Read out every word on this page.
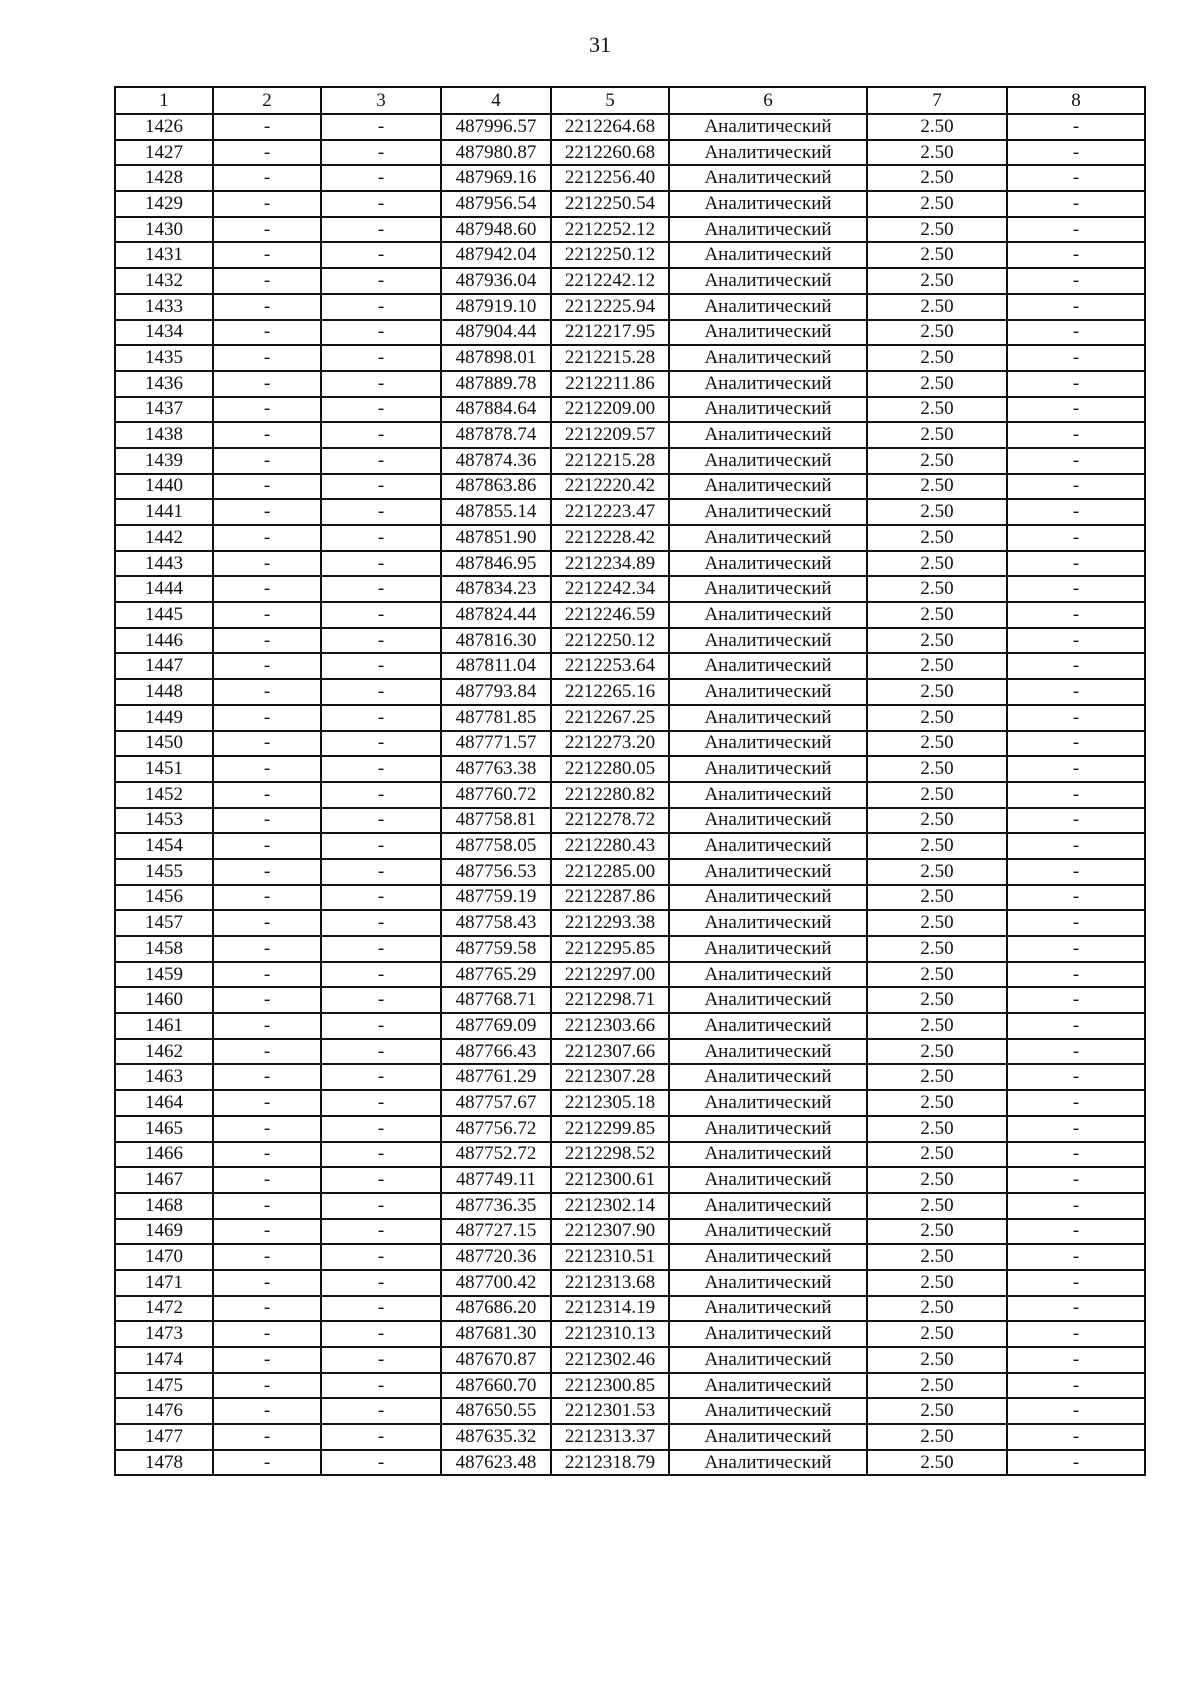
31
1	2	3	4	5	6	7	8
1426	-	-	487996.57	2212264.68	Аналитический	2.50	-
1427	-	-	487980.87	2212260.68	Аналитический	2.50	-
1428	-	-	487969.16	2212256.40	Аналитический	2.50	-
1429	-	-	487956.54	2212250.54	Аналитический	2.50	-
1430	-	-	487948.60	2212252.12	Аналитический	2.50	-
1431	-	-	487942.04	2212250.12	Аналитический	2.50	-
1432	-	-	487936.04	2212242.12	Аналитический	2.50	-
1433	-	-	487919.10	2212225.94	Аналитический	2.50	-
1434	-	-	487904.44	2212217.95	Аналитический	2.50	-
1435	-	-	487898.01	2212215.28	Аналитический	2.50	-
1436	-	-	487889.78	2212211.86	Аналитический	2.50	-
1437	-	-	487884.64	2212209.00	Аналитический	2.50	-
1438	-	-	487878.74	2212209.57	Аналитический	2.50	-
1439	-	-	487874.36	2212215.28	Аналитический	2.50	-
1440	-	-	487863.86	2212220.42	Аналитический	2.50	-
1441	-	-	487855.14	2212223.47	Аналитический	2.50	-
1442	-	-	487851.90	2212228.42	Аналитический	2.50	-
1443	-	-	487846.95	2212234.89	Аналитический	2.50	-
1444	-	-	487834.23	2212242.34	Аналитический	2.50	-
1445	-	-	487824.44	2212246.59	Аналитический	2.50	-
1446	-	-	487816.30	2212250.12	Аналитический	2.50	-
1447	-	-	487811.04	2212253.64	Аналитический	2.50	-
1448	-	-	487793.84	2212265.16	Аналитический	2.50	-
1449	-	-	487781.85	2212267.25	Аналитический	2.50	-
1450	-	-	487771.57	2212273.20	Аналитический	2.50	-
1451	-	-	487763.38	2212280.05	Аналитический	2.50	-
1452	-	-	487760.72	2212280.82	Аналитический	2.50	-
1453	-	-	487758.81	2212278.72	Аналитический	2.50	-
1454	-	-	487758.05	2212280.43	Аналитический	2.50	-
1455	-	-	487756.53	2212285.00	Аналитический	2.50	-
1456	-	-	487759.19	2212287.86	Аналитический	2.50	-
1457	-	-	487758.43	2212293.38	Аналитический	2.50	-
1458	-	-	487759.58	2212295.85	Аналитический	2.50	-
1459	-	-	487765.29	2212297.00	Аналитический	2.50	-
1460	-	-	487768.71	2212298.71	Аналитический	2.50	-
1461	-	-	487769.09	2212303.66	Аналитический	2.50	-
1462	-	-	487766.43	2212307.66	Аналитический	2.50	-
1463	-	-	487761.29	2212307.28	Аналитический	2.50	-
1464	-	-	487757.67	2212305.18	Аналитический	2.50	-
1465	-	-	487756.72	2212299.85	Аналитический	2.50	-
1466	-	-	487752.72	2212298.52	Аналитический	2.50	-
1467	-	-	487749.11	2212300.61	Аналитический	2.50	-
1468	-	-	487736.35	2212302.14	Аналитический	2.50	-
1469	-	-	487727.15	2212307.90	Аналитический	2.50	-
1470	-	-	487720.36	2212310.51	Аналитический	2.50	-
1471	-	-	487700.42	2212313.68	Аналитический	2.50	-
1472	-	-	487686.20	2212314.19	Аналитический	2.50	-
1473	-	-	487681.30	2212310.13	Аналитический	2.50	-
1474	-	-	487670.87	2212302.46	Аналитический	2.50	-
1475	-	-	487660.70	2212300.85	Аналитический	2.50	-
1476	-	-	487650.55	2212301.53	Аналитический	2.50	-
1477	-	-	487635.32	2212313.37	Аналитический	2.50	-
1478	-	-	487623.48	2212318.79	Аналитический	2.50	-
